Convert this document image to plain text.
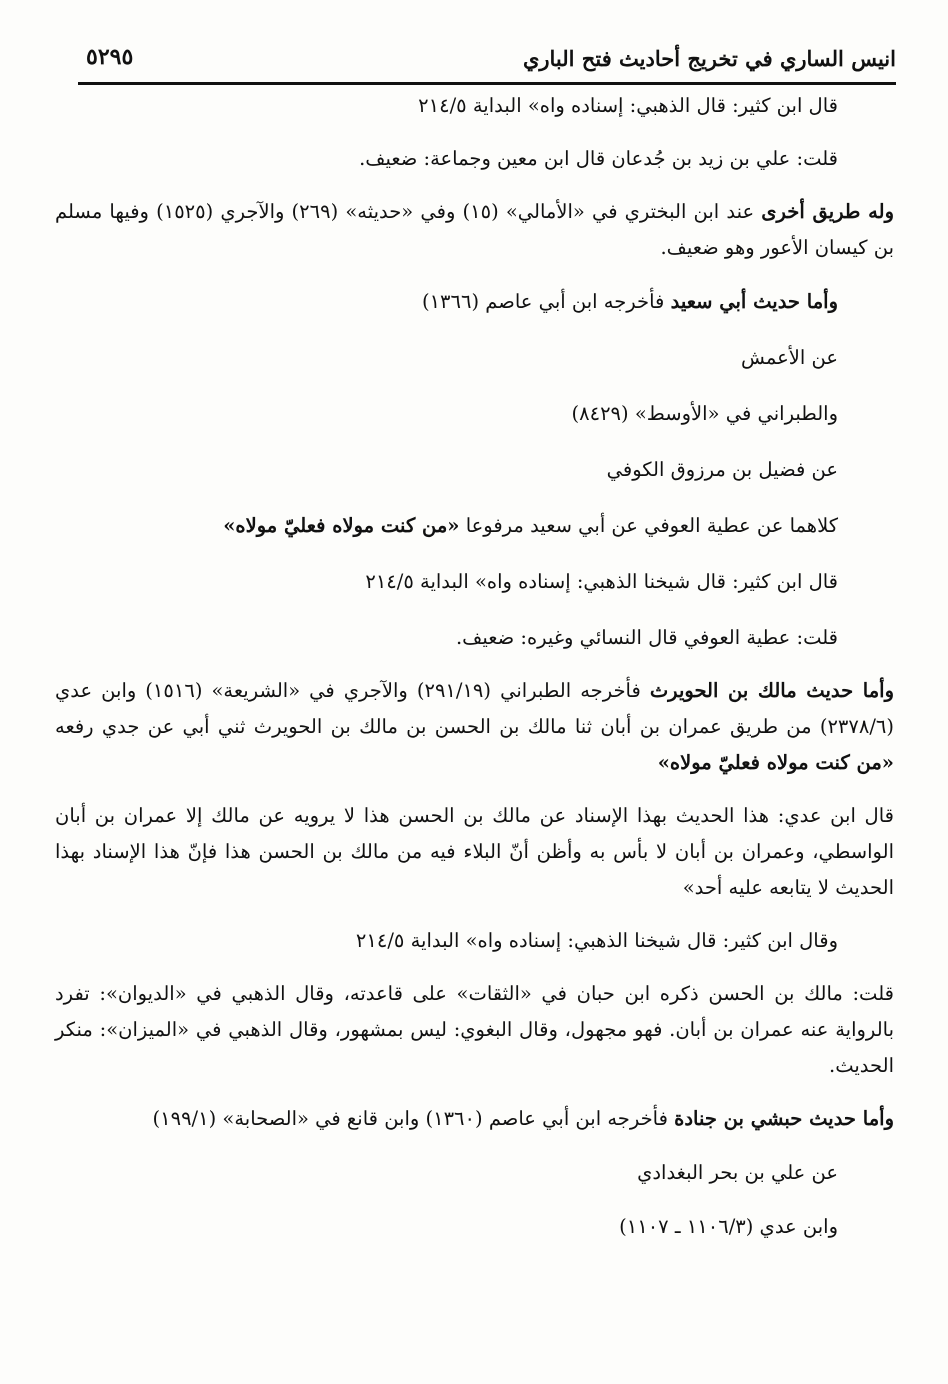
انيس الساري في تخريج أحاديث فتح الباري
٥٢٩٥

قال ابن كثير: قال الذهبي: إسناده واه» البداية ٢١٤/٥

قلت: علي بن زيد بن جُدعان قال ابن معين وجماعة: ضعيف.

وله طريق أخرى عند ابن البختري في «الأمالي» (١٥) وفي «حديثه» (٢٦٩) والآجري (١٥٢٥) وفيها مسلم بن كيسان الأعور وهو ضعيف.

وأما حديث أبي سعيد فأخرجه ابن أبي عاصم (١٣٦٦)

عن الأعمش

والطبراني في «الأوسط» (٨٤٢٩)

عن فضيل بن مرزوق الكوفي

كلاهما عن عطية العوفي عن أبي سعيد مرفوعا «من كنت مولاه فعليّ مولاه»

قال ابن كثير: قال شيخنا الذهبي: إسناده واه» البداية ٢١٤/٥

قلت: عطية العوفي قال النسائي وغيره: ضعيف.

وأما حديث مالك بن الحويرث فأخرجه الطبراني (٢٩١/١٩) والآجري في «الشريعة» (١٥١٦) وابن عدي (٢٣٧٨/٦) من طريق عمران بن أبان ثنا مالك بن الحسن بن مالك بن الحويرث ثني أبي عن جدي رفعه «من كنت مولاه فعليّ مولاه»

قال ابن عدي: هذا الحديث بهذا الإسناد عن مالك بن الحسن هذا لا يرويه عن مالك إلا عمران بن أبان الواسطي، وعمران بن أبان لا بأس به وأظن أنّ البلاء فيه من مالك بن الحسن هذا فإنّ هذا الإسناد بهذا الحديث لا يتابعه عليه أحد»

وقال ابن كثير: قال شيخنا الذهبي: إسناده واه» البداية ٢١٤/٥

قلت: مالك بن الحسن ذكره ابن حبان في «الثقات» على قاعدته، وقال الذهبي في «الديوان»: تفرد بالرواية عنه عمران بن أبان. فهو مجهول، وقال البغوي: ليس بمشهور، وقال الذهبي في «الميزان»: منكر الحديث.

وأما حديث حبشي بن جنادة فأخرجه ابن أبي عاصم (١٣٦٠) وابن قانع في «الصحابة» (١٩٩/١)

عن علي بن بحر البغدادي

وابن عدي (١١٠٦/٣ ـ ١١٠٧)
